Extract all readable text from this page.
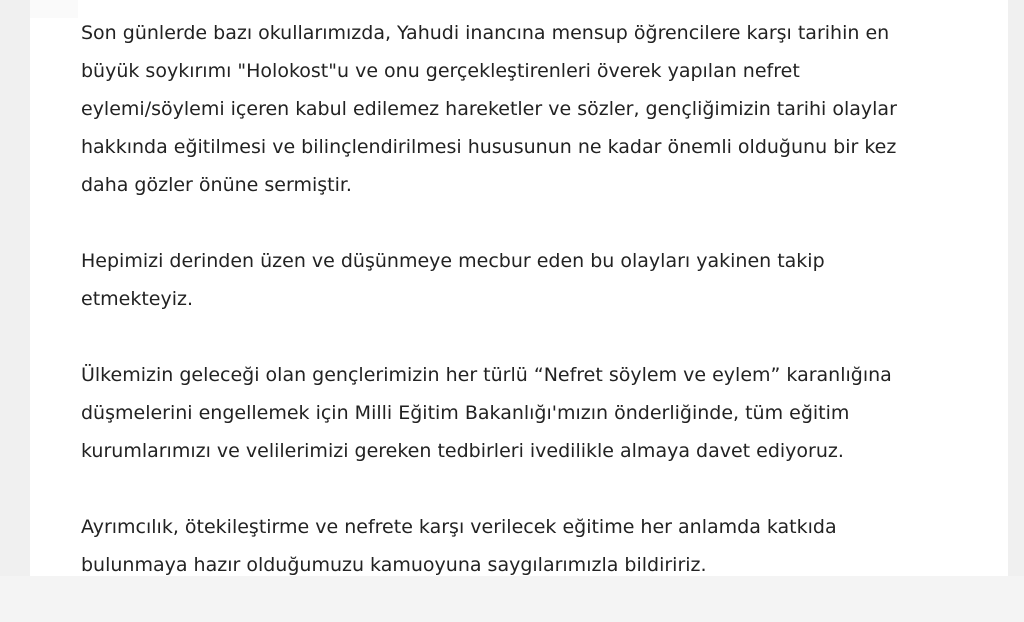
Son günlerde bazı okullarımızda, Yahudi inancına mensup öğrencilere karşı tarihin en
büyük soykırımı "Holokost"u ve onu gerçekleştirenleri överek yapılan nefret
eylemi/söylemi içeren kabul edilemez hareketler ve sözler, gençliğimizin tarihi olaylar
hakkında eğitilmesi ve bilinçlendirilmesi hususunun ne kadar önemli olduğunu bir kez
daha gözler önüne sermiştir.

Hepimizi derinden üzen ve düşünmeye mecbur eden bu olayları yakinen takip
etmekteyiz.

Ülkemizin geleceği olan gençlerimizin her türlü “Nefret söylem ve eylem” karanlığına
düşmelerini engellemek için Milli Eğitim Bakanlığı'mızın önderliğinde, tüm eğitim
kurumlarımızı ve velilerimizi gereken tedbirleri ivedilikle almaya davet ediyoruz.

Ayrımcılık, ötekileştirme ve nefrete karşı verilecek eğitime her anlamda katkıda
bulunmaya hazır olduğumuzu kamuoyuna saygılarımızla bildiririz.
